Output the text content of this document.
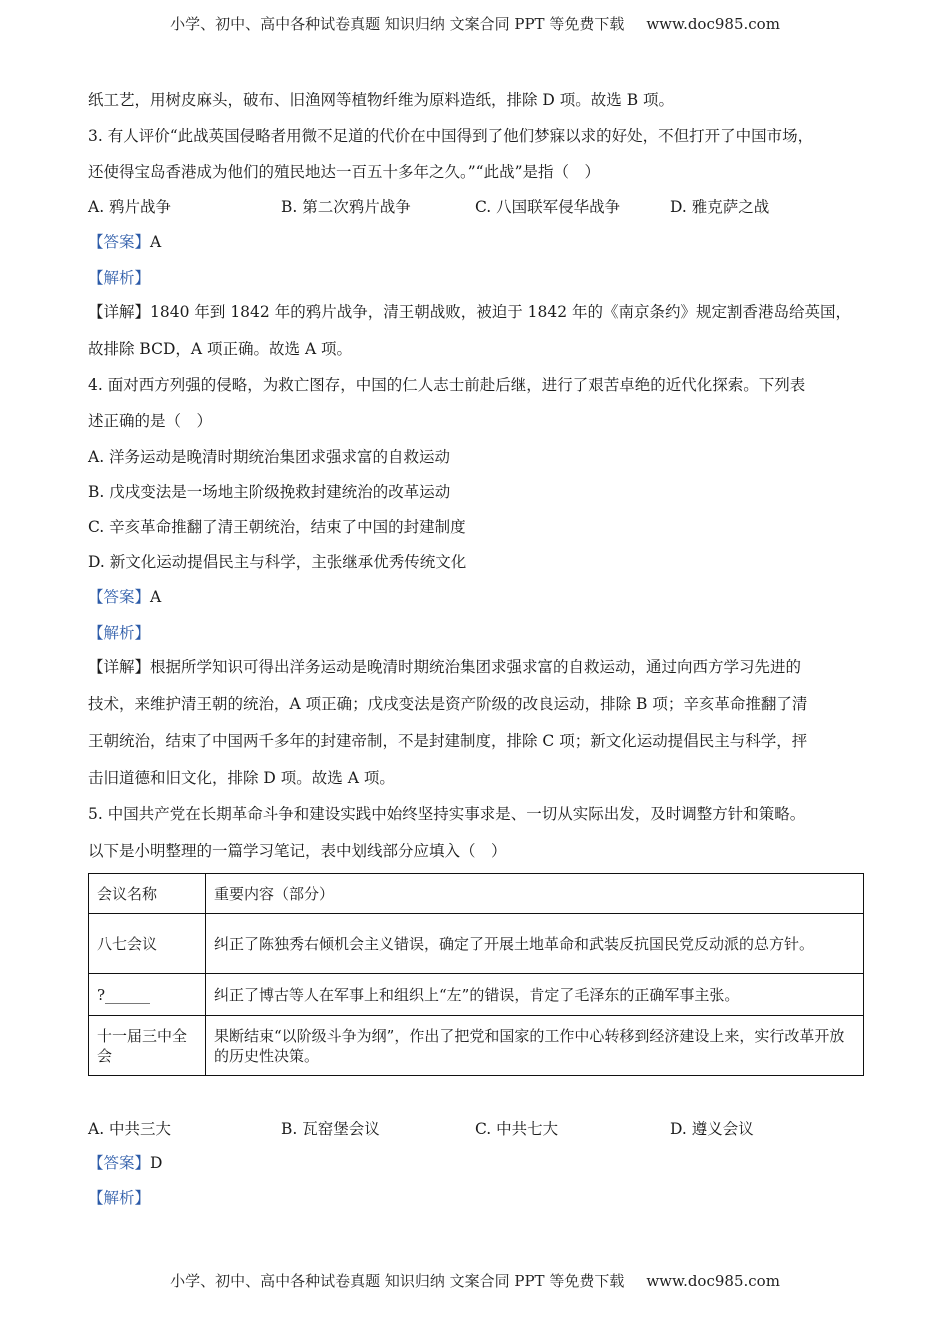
小学、初中、高中各种试卷真题 知识归纳 文案合同 PPT 等免费下载 www.doc985.com
纸工艺，用树皮麻头，破布、旧渔网等植物纤维为原料造纸，排除 D 项。故选 B 项。
3. 有人评价“此战英国侵略者用微不足道的代价在中国得到了他们梦寐以求的好处，不但打开了中国市场，
还使得宝岛香港成为他们的殖民地达一百五十多年之久。”“此战”是指（　）
A. 鸦片战争	B. 第二次鸦片战争	C. 八国联军侵华战争	D. 雅克萨之战
【答案】A
【解析】
【详解】1840 年到 1842 年的鸦片战争，清王朝战败，被迫于 1842 年的《南京条约》规定割香港岛给英国，
故排除 BCD，A 项正确。故选 A 项。
4. 面对西方列强的侵略，为救亡图存，中国的仁人志士前赴后继，进行了艰苦卓绝的近代化探索。下列表
述正确的是（　）
A. 洋务运动是晚清时期统治集团求强求富的自救运动
B. 戊戌变法是一场地主阶级挽救封建统治的改革运动
C. 辛亥革命推翻了清王朝统治，结束了中国的封建制度
D. 新文化运动提倡民主与科学，主张继承优秀传统文化
【答案】A
【解析】
【详解】根据所学知识可得出洋务运动是晚清时期统治集团求强求富的自救运动，通过向西方学习先进的
技术，来维护清王朝的统治，A 项正确；戊戌变法是资产阶级的改良运动，排除 B 项；辛亥革命推翻了清
王朝统治，结束了中国两千多年的封建帝制，不是封建制度，排除 C 项；新文化运动提倡民主与科学，抨
击旧道德和旧文化，排除 D 项。故选 A 项。
5. 中国共产党在长期革命斗争和建设实践中始终坚持实事求是、一切从实际出发，及时调整方针和策略。
以下是小明整理的一篇学习笔记，表中划线部分应填入（　）
会议名称	重要内容（部分）
八七会议	纠正了陈独秀右倾机会主义错误，确定了开展土地革命和武装反抗国民党反动派的总方针。
?______	纠正了博古等人在军事上和组织上“左”的错误，肯定了毛泽东的正确军事主张。
十一届三中全会	果断结束“以阶级斗争为纲”，作出了把党和国家的工作中心转移到经济建设上来，实行改革开放的历史性决策。
A. 中共三大	B. 瓦窑堡会议	C. 中共七大	D. 遵义会议
【答案】D
【解析】
小学、初中、高中各种试卷真题 知识归纳 文案合同 PPT 等免费下载 www.doc985.com
